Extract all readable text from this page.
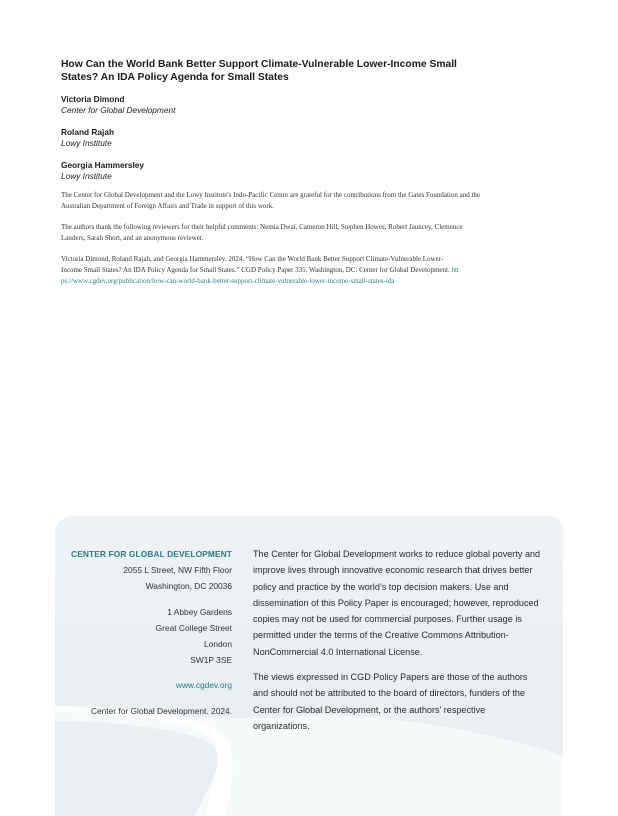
How Can the World Bank Better Support Climate-Vulnerable Lower-Income Small States? An IDA Policy Agenda for Small States
Victoria Dimond
Center for Global Development
Roland Rajah
Lowy Institute
Georgia Hammersley
Lowy Institute

The Center for Global Development and the Lowy Institute's Indo-Pacific Centre are grateful for the contributions from the Gates Foundation and the Australian Department of Foreign Affairs and Trade in support of this work.

The authors thank the following reviewers for their helpful comments: Nemia Dwai, Cameron Hill, Stephen Howes, Robert Jauncey, Clemence Landers, Sarah Short, and an anonymous reviewer.

Victoria Dimond, Roland Rajah, and Georgia Hammersley. 2024. “How Can the World Bank Better Support Climate-Vulnerable Lower-Income Small States? An IDA Policy Agenda for Small States.” CGD Policy Paper 335. Washington, DC: Center for Global Development. https://www.cgdev.org/publication/how-can-world-bank-better-support-climate-vulnerable-lower-income-small-states-ida

CENTER FOR GLOBAL DEVELOPMENT
2055 L Street, NW Fifth Floor
Washington, DC 20036
1 Abbey Gardens
Great College Street
London
SW1P 3SE
www.cgdev.org
Center for Global Development. 2024.

The Center for Global Development works to reduce global poverty and improve lives through innovative economic research that drives better policy and practice by the world’s top decision makers. Use and dissemination of this Policy Paper is encouraged; however, reproduced copies may not be used for commercial purposes. Further usage is permitted under the terms of the Creative Commons Attribution-NonCommercial 4.0 International License.

The views expressed in CGD Policy Papers are those of the authors and should not be attributed to the board of directors, funders of the Center for Global Development, or the authors’ respective organizations.
